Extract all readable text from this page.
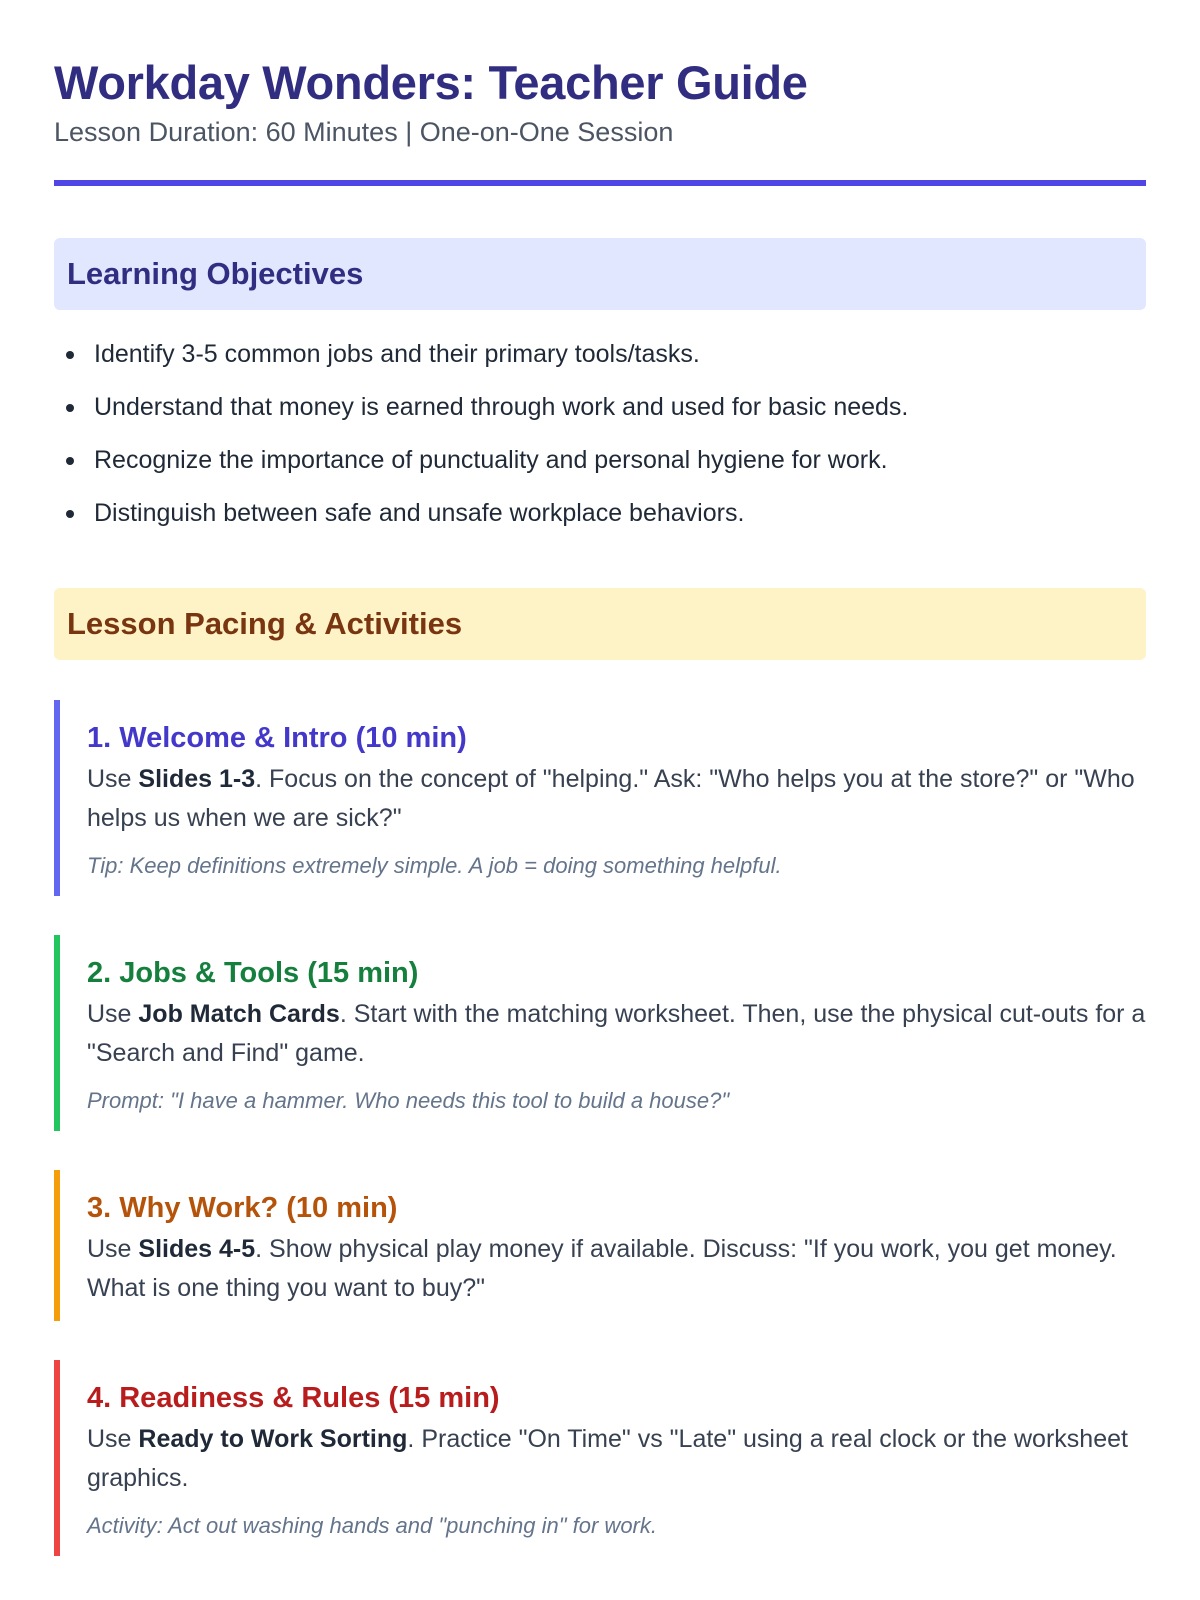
Workday Wonders: Teacher Guide

Lesson Duration: 60 Minutes | One-on-One Session

Learning Objectives
Identify 3-5 common jobs and their primary tools/tasks.
Understand that money is earned through work and used for basic needs.
Recognize the importance of punctuality and personal hygiene for work.
Distinguish between safe and unsafe workplace behaviors.
Lesson Pacing & Activities
1. Welcome & Intro (10 min)

Use Slides 1-3. Focus on the concept of "helping." Ask: "Who helps you at the store?" or "Who helps us when we are sick?"

Tip: Keep definitions extremely simple. A job = doing something helpful.

2. Jobs & Tools (15 min)

Use Job Match Cards. Start with the matching worksheet. Then, use the physical cut-outs for a "Search and Find" game.

Prompt: "I have a hammer. Who needs this tool to build a house?"

3. Why Work? (10 min)

Use Slides 4-5. Show physical play money if available. Discuss: "If you work, you get money. What is one thing you want to buy?"

4. Readiness & Rules (15 min)

Use Ready to Work Sorting. Practice "On Time" vs "Late" using a real clock or the worksheet graphics.

Activity: Act out washing hands and "punching in" for work.
